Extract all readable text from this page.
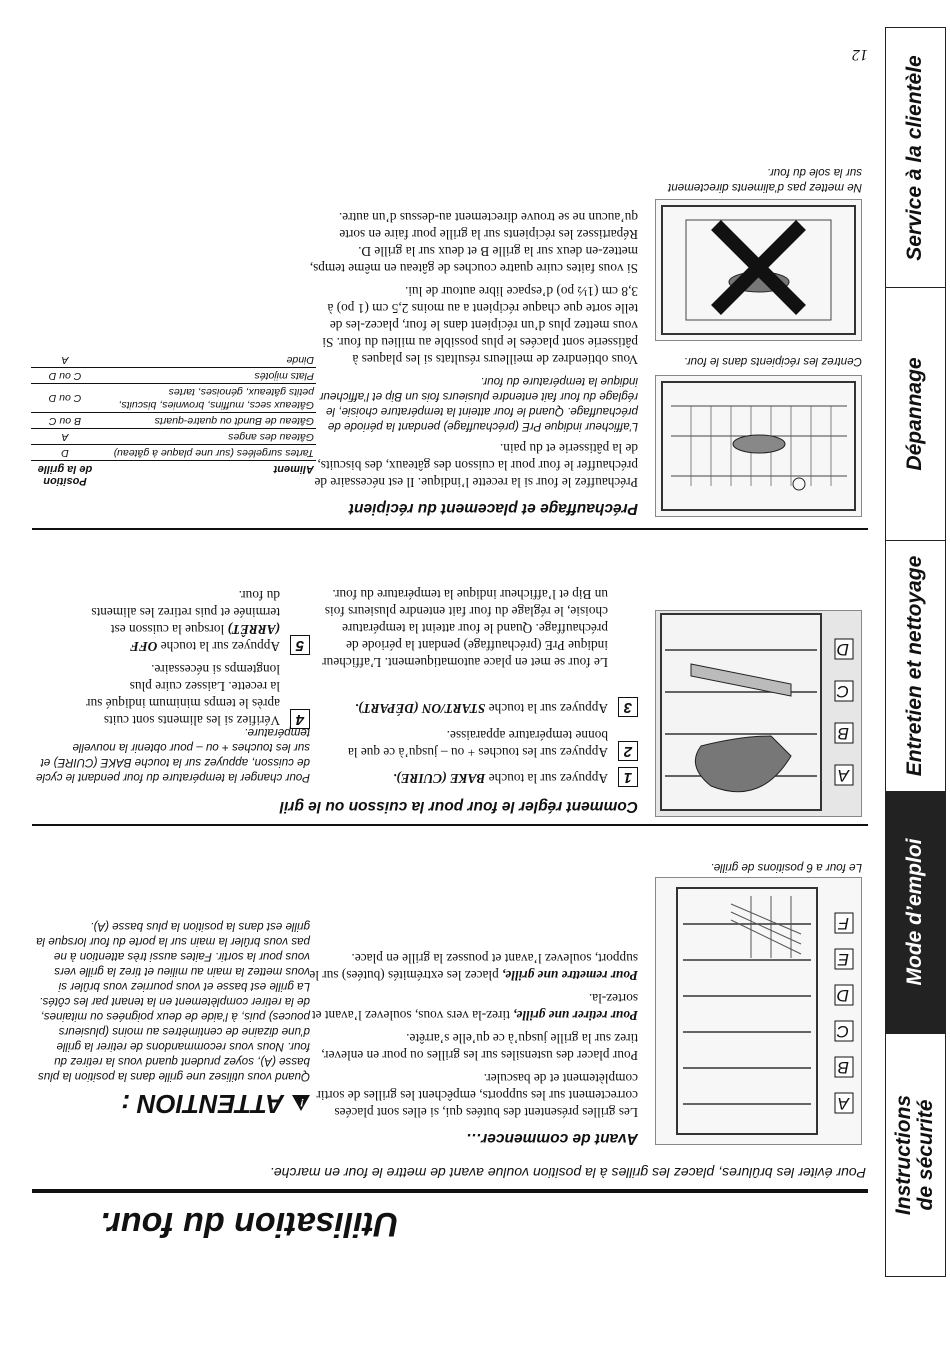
Instructions
de sécurité
Mode d’emploi
Entretien et nettoyage
Dépannage
Service à la clientèle
12
Utilisation du four.
Pour éviter les brûlures, placez les grilles à la position voulue avant de mettre le four en marche.
A
B
C
D
E
F
Le four a 6 positions de grille.
Avant de commencer…

Les grilles présentent des butées qui, si elles sont placées correctement sur les supports, empêchent les grilles de sortir complètement et de basculer.

Pour placer des ustensiles sur les grilles ou pour en enlever, tirez sur la grille jusqu’à ce qu’elle s’arrête.

Pour retirer une grille, tirez-la vers vous, soulevez l’avant et sortez-la.

Pour remettre une grille, placez les extrémités (butées) sur le support, soulevez l’avant et poussez la grille en place.

!
ATTENTION :
Quand vous utilisez une grille dans la position la plus basse (A), soyez prudent quand vous la retirez du four. Nous vous recommandons de retirer la grille d’une dizaine de centimètres au moins (plusieurs pouces) puis, à l’aide de deux poignées ou mitaines, de la retirer complètement en la tenant par les côtés. La grille est basse et vous pourriez vous brûler si vous mettez la main au milieu et tirez la grille vers vous pour la sortir. Faites aussi très attention à ne pas vous brûler la main sur la porte du four lorsque la grille est dans la position la plus basse (A).
A
B
C
D
Comment régler le four pour la cuisson ou le gril
1
Appuyez sur la touche BAKE (CUIRE).
2
Appuyez sur les touches + ou – jusqu’à ce que la bonne température apparaisse.
3
Appuyez sur la touche START/ON (DÉPART).
Le four se met en place automatiquement. L’afficheur indique PrE (préchauffage) pendant la période de préchauffage. Quand le four atteint la température choisie, le réglage du four fait entendre plusieurs fois un Bip et l’afficheur indique la température du four.
Pour changer la température du four pendant le cycle de cuisson, appuyez sur la touche BAKE (CUIRE) et sur les touches + ou – pour obtenir la nouvelle température.
4
Vérifiez si les aliments sont cuits après le temps minimum indiqué sur la recette. Laissez cuire plus longtemps si nécessaire.
5
Appuyez sur la touche OFF (ARRÊT) lorsque la cuisson est terminée et puis retirez les aliments du four.
Centrez les récipients dans le four.
Ne mettez pas d’aliments directement sur la sole du four.
Préchauffage et placement du récipient

Préchauffez le four si la recette l’indique. Il est nécessaire de préchauffer le four pour la cuisson des gâteaux, des biscuits, de la pâtisserie et du pain.

L’afficheur indique PrE (préchauffage) pendant la période de préchauffage. Quand le four atteint la température choisie, le réglage du four fait entendre plusieurs fois un Bip et l’afficheur indique la température du four.

Vous obtiendrez de meilleurs résultats si les plaques à pâtisserie sont placées le plus possible au milieu du four. Si vous mettez plus d’un récipient dans le four, placez-les de telle sorte que chaque récipient a au moins 2,5 cm (1 po) à 3,8 cm (1½ po) d’espace libre autour de lui.

Si vous faites cuire quatre couches de gâteau en même temps, mettez-en deux sur la grille B et deux sur la grille D. Répartissez les récipients sur la grille pour faire en sorte qu’aucun ne se trouve directement au-dessus d’un autre.

Aliment	Position
de la grille
Tartes surgelées (sur une plaque à gâteau)	D
Gâteau des anges	A
Gâteau de Bundt ou quatre-quarts	B ou C
Gâteaux secs, muffins, brownies, biscuits, petits gâteaux, génoises, tartes	C ou D
Plats mijotés	C ou D
Dinde	A
